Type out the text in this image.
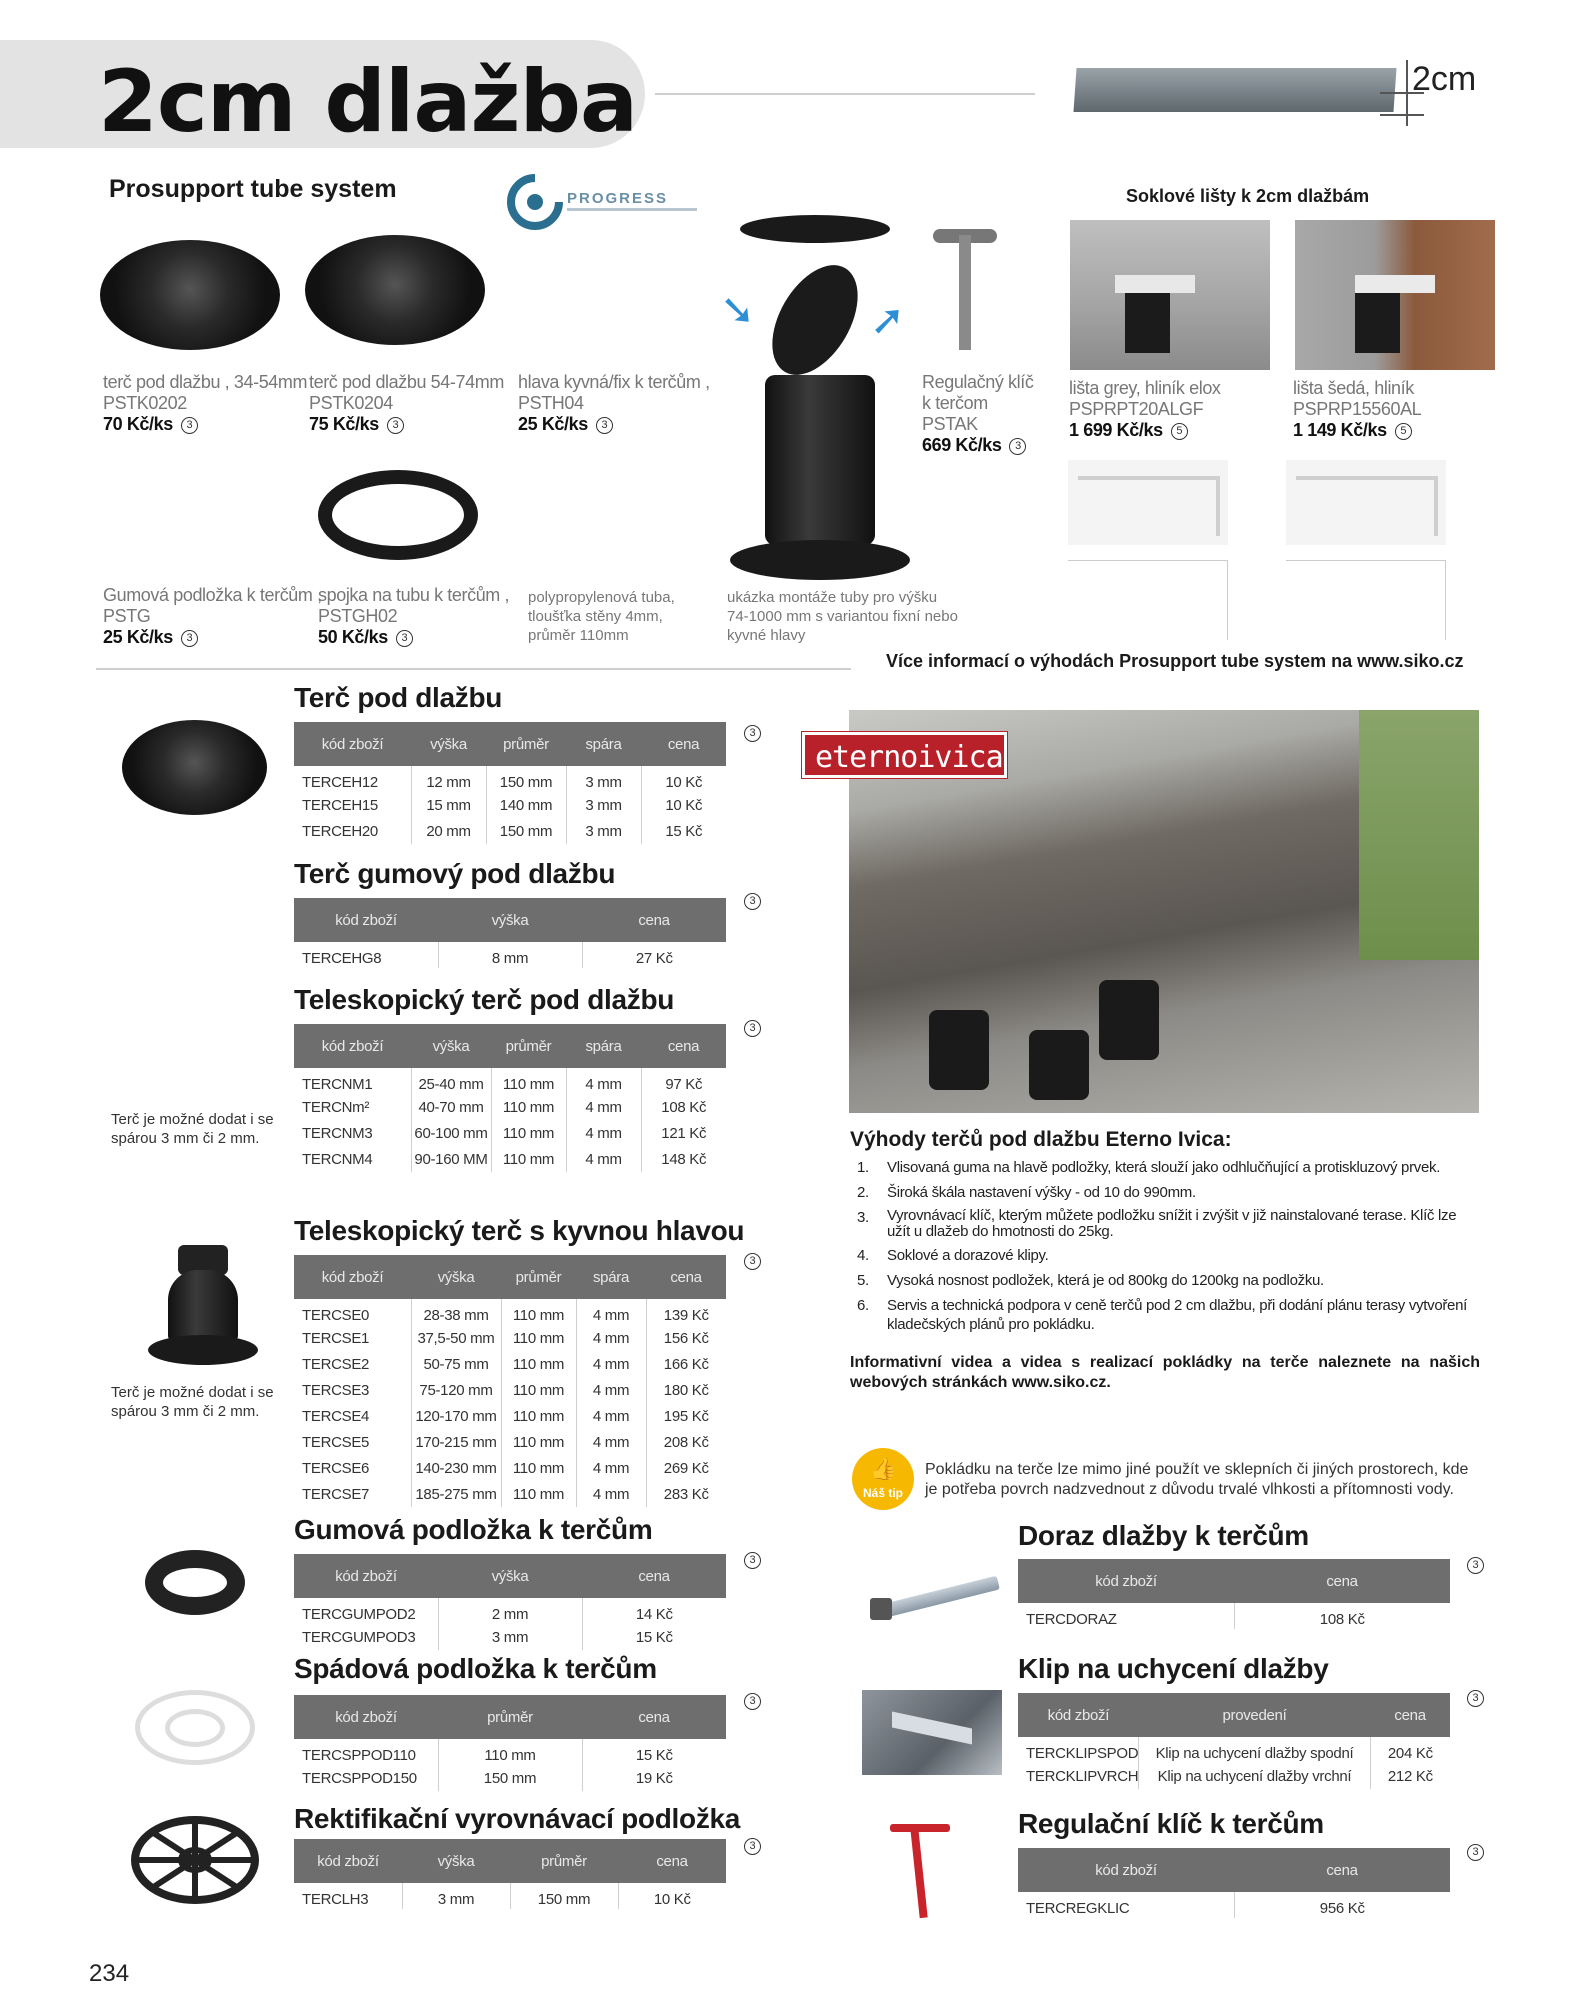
2cm dlažba	2cm
Prosupport tube system	PROGRESS
➘	➚
terč pod dlažbu , 34-54mm
PSTK0202
70 Kč/ks 3
terč pod dlažbu 54-74mm
PSTK0204
75 Kč/ks 3
hlava kyvná/fix k terčům ,
PSTH04
25 Kč/ks 3
Regulačný klíč
k terčom
PSTAK
669 Kč/ks 3
Gumová podložka k terčům ,
PSTG
25 Kč/ks 3
spojka na tubu k terčům ,
PSTGH02
50 Kč/ks 3
polypropylenová tuba,
tloušťka stěny 4mm,
průměr 110mm
ukázka montáže tuby pro výšku
74-1000 mm s variantou fixní nebo
kyvné hlavy
Více informací o výhodách Prosupport tube system na www.siko.cz
Soklové lišty k 2cm dlažbám
lišta grey, hliník elox
PSPRPT20ALGF
1 699 Kč/ks 5
lišta šedá, hliník
PSPRP15560AL
1 149 Kč/ks 5
Terč pod dlažbu
kód zboží	výška	průměr	spára	cena
TERCEH12	12 mm	150 mm	3 mm	10 Kč
TERCEH15	15 mm	140 mm	3 mm	10 Kč
TERCEH20	20 mm	150 mm	3 mm	15 Kč
3
Terč gumový pod dlažbu
kód zboží	výška	cena
TERCEHG8	8 mm	27 Kč
3
Teleskopický terč pod dlažbu
Terč je možné dodat i se
spárou 3 mm či 2 mm.
kód zboží	výška	průměr	spára	cena
TERCNM1	25-40 mm	110 mm	4 mm	97 Kč
TERCNm²	40-70 mm	110 mm	4 mm	108 Kč
TERCNM3	60-100 mm	110 mm	4 mm	121 Kč
TERCNM4	90-160 MM	110 mm	4 mm	148 Kč
3
Teleskopický terč s kyvnou hlavou
Terč je možné dodat i se
spárou 3 mm či 2 mm.
kód zboží	výška	průměr	spára	cena
TERCSE0	28-38 mm	110 mm	4 mm	139 Kč
TERCSE1	37,5-50 mm	110 mm	4 mm	156 Kč
TERCSE2	50-75 mm	110 mm	4 mm	166 Kč
TERCSE3	75-120 mm	110 mm	4 mm	180 Kč
TERCSE4	120-170 mm	110 mm	4 mm	195 Kč
TERCSE5	170-215 mm	110 mm	4 mm	208 Kč
TERCSE6	140-230 mm	110 mm	4 mm	269 Kč
TERCSE7	185-275 mm	110 mm	4 mm	283 Kč
3
Gumová podložka k terčům
kód zboží	výška	cena
TERCGUMPOD2	2 mm	14 Kč
TERCGUMPOD3	3 mm	15 Kč
3
Spádová podložka k terčům
kód zboží	průměr	cena
TERCSPPOD110	110 mm	15 Kč
TERCSPPOD150	150 mm	19 Kč
3
Rektifikační vyrovnávací podložka
kód zboží	výška	průměr	cena
TERCLH3	3 mm	150 mm	10 Kč
3
eternoivica
Výhody terčů pod dlažbu Eterno Ivica:
1.	Vlisovaná guma na hlavě podložky, která slouží jako odhlučňující a protiskluzový prvek.
2.	Široká škála nastavení výšky - od 10 do 990mm.
3.	Vyrovnávací klíč, kterým můžete podložku snížit i zvýšit v již nainstalované terase. Klíč lze užít u dlažeb do hmotnosti do 25kg.
4.	Soklové a dorazové klipy.
5.	Vysoká nosnost podložek, která je od 800kg do 1200kg na podložku.
6.	Servis a technická podpora v ceně terčů pod 2 cm dlažbu, při dodání plánu terasy vytvoření kladečských plánů pro pokládku.
Informativní videa a videa s realizací pokládky na terče naleznete na našich webových stránkách www.siko.cz.
👍
Náš tip
Pokládku na terče lze mimo jiné použít ve sklepních či jiných prostorech, kde je potřeba povrch nadzvednout z důvodu trvalé vlhkosti a přítomnosti vody.
Doraz dlažby k terčům
kód zboží	cena
TERCDORAZ	108 Kč
3
Klip na uchycení dlažby
kód zboží	provedení	cena
TERCKLIPSPOD	Klip na uchycení dlažby spodní	204 Kč
TERCKLIPVRCH	Klip na uchycení dlažby vrchní	212 Kč
3
Regulační klíč k terčům
kód zboží	cena
TERCREGKLIC	956 Kč
3
234
